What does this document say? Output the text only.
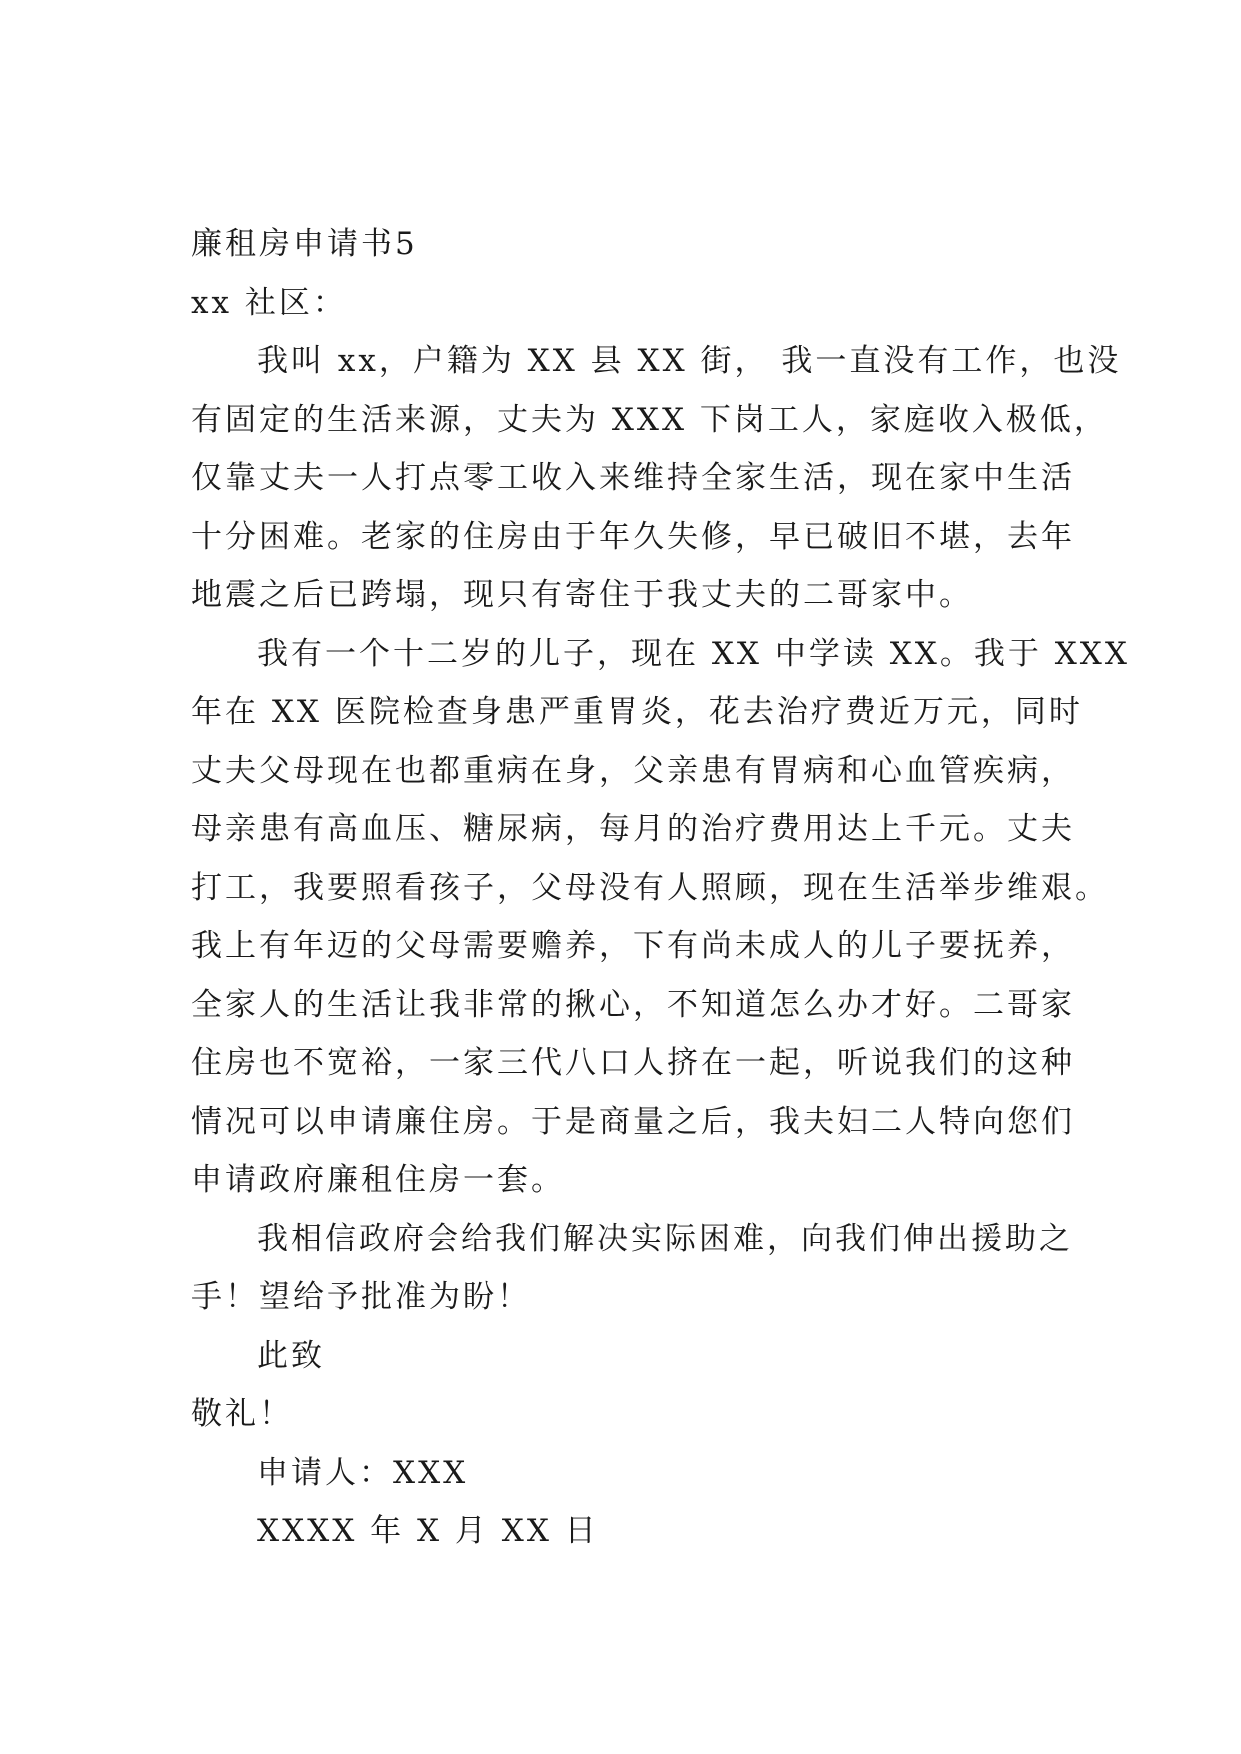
廉租房申请书5
xx 社区：
我叫 xx，户籍为 XX 县 XX 街， 我一直没有工作，也没
有固定的生活来源，丈夫为 XXX 下岗工人，家庭收入极低，
仅靠丈夫一人打点零工收入来维持全家生活，现在家中生活
十分困难。老家的住房由于年久失修，早已破旧不堪，去年
地震之后已跨塌，现只有寄住于我丈夫的二哥家中。
我有一个十二岁的儿子，现在 XX 中学读 XX。我于 XXX
年在 XX 医院检查身患严重胃炎，花去治疗费近万元，同时
丈夫父母现在也都重病在身，父亲患有胃病和心血管疾病，
母亲患有高血压、糖尿病，每月的治疗费用达上千元。丈夫
打工，我要照看孩子，父母没有人照顾，现在生活举步维艰。
我上有年迈的父母需要赡养，下有尚未成人的儿子要抚养，
全家人的生活让我非常的揪心，不知道怎么办才好。二哥家
住房也不宽裕，一家三代八口人挤在一起，听说我们的这种
情况可以申请廉住房。于是商量之后，我夫妇二人特向您们
申请政府廉租住房一套。
我相信政府会给我们解决实际困难，向我们伸出援助之
手！望给予批准为盼！
此致
敬礼！
申请人：XXX
XXXX 年 X 月 XX 日
